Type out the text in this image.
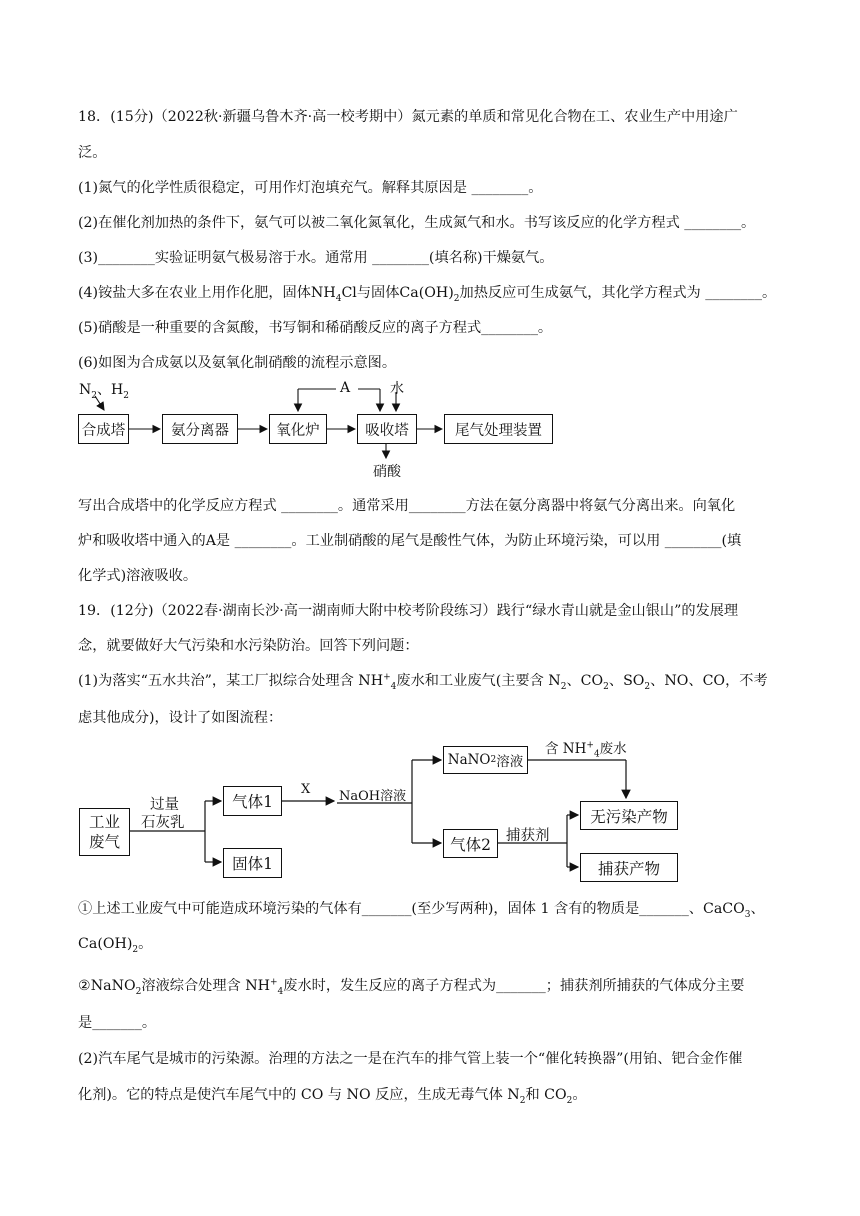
18．(15分)（2022秋·新疆乌鲁木齐·高一校考期中）氮元素的单质和常见化合物在工、农业生产中用途广

泛。

(1)氮气的化学性质很稳定，可用作灯泡填充气。解释其原因是 ________。

(2)在催化剂加热的条件下，氨气可以被二氧化氮氧化，生成氮气和水。书写该反应的化学方程式 ________。

(3)________实验证明氨气极易溶于水。通常用 ________(填名称)干燥氨气。

(4)铵盐大多在农业上用作化肥，固体$NH_4Cl$与固体$Ca(OH)_2$加热反应可生成氨气，其化学方程式为 ________。

(5)硝酸是一种重要的含氮酸，书写铜和稀硝酸反应的离子方程式________。

(6)如图为合成氨以及氨氧化制硝酸的流程示意图。

$N_2$、$H_2$	A	水
硝酸
合成塔	氨分离器	氧化炉	吸收塔	尾气处理装置

写出合成塔中的化学反应方程式 ________。通常采用________方法在氨分离器中将氨气分离出来。向氧化

炉和吸收塔中通入的A是 ________。工业制硝酸的尾气是酸性气体，为防止环境污染，可以用 ________(填

化学式)溶液吸收。

19．(12分)（2022春·湖南长沙·高一湖南师大附中校考阶段练习）践行“绿水青山就是金山银山”的发展理

念，就要做好大气污染和水污染防治。回答下列问题：

(1)为落实“五水共治”，某工厂拟综合处理含 $NH^+_4$废水和工业废气(主要含 $N_2$、$CO_2$、$SO_2$、NO、CO，不考

虑其他成分)，设计了如图流程：

工业废气
过量
石灰乳
气体1
固体1
X NaOH溶液
NaNO 2 溶液
含 $NH^+_4$废水
气体2	捕获剂
无污染产物
捕获产物

①上述工业废气中可能造成环境污染的气体有_______(至少写两种)，固体 1 含有的物质是_______、CaCO$_3$、

$Ca(OH)_2$。

②NaNO$_2$溶液综合处理含 $NH^+_4$废水时，发生反应的离子方程式为_______；捕获剂所捕获的气体成分主要

是_______。

(2)汽车尾气是城市的污染源。治理的方法之一是在汽车的排气管上装一个“催化转换器”(用铂、钯合金作催

化剂)。它的特点是使汽车尾气中的 CO 与 NO 反应，生成无毒气体 $N_2$和 $CO_2$。
